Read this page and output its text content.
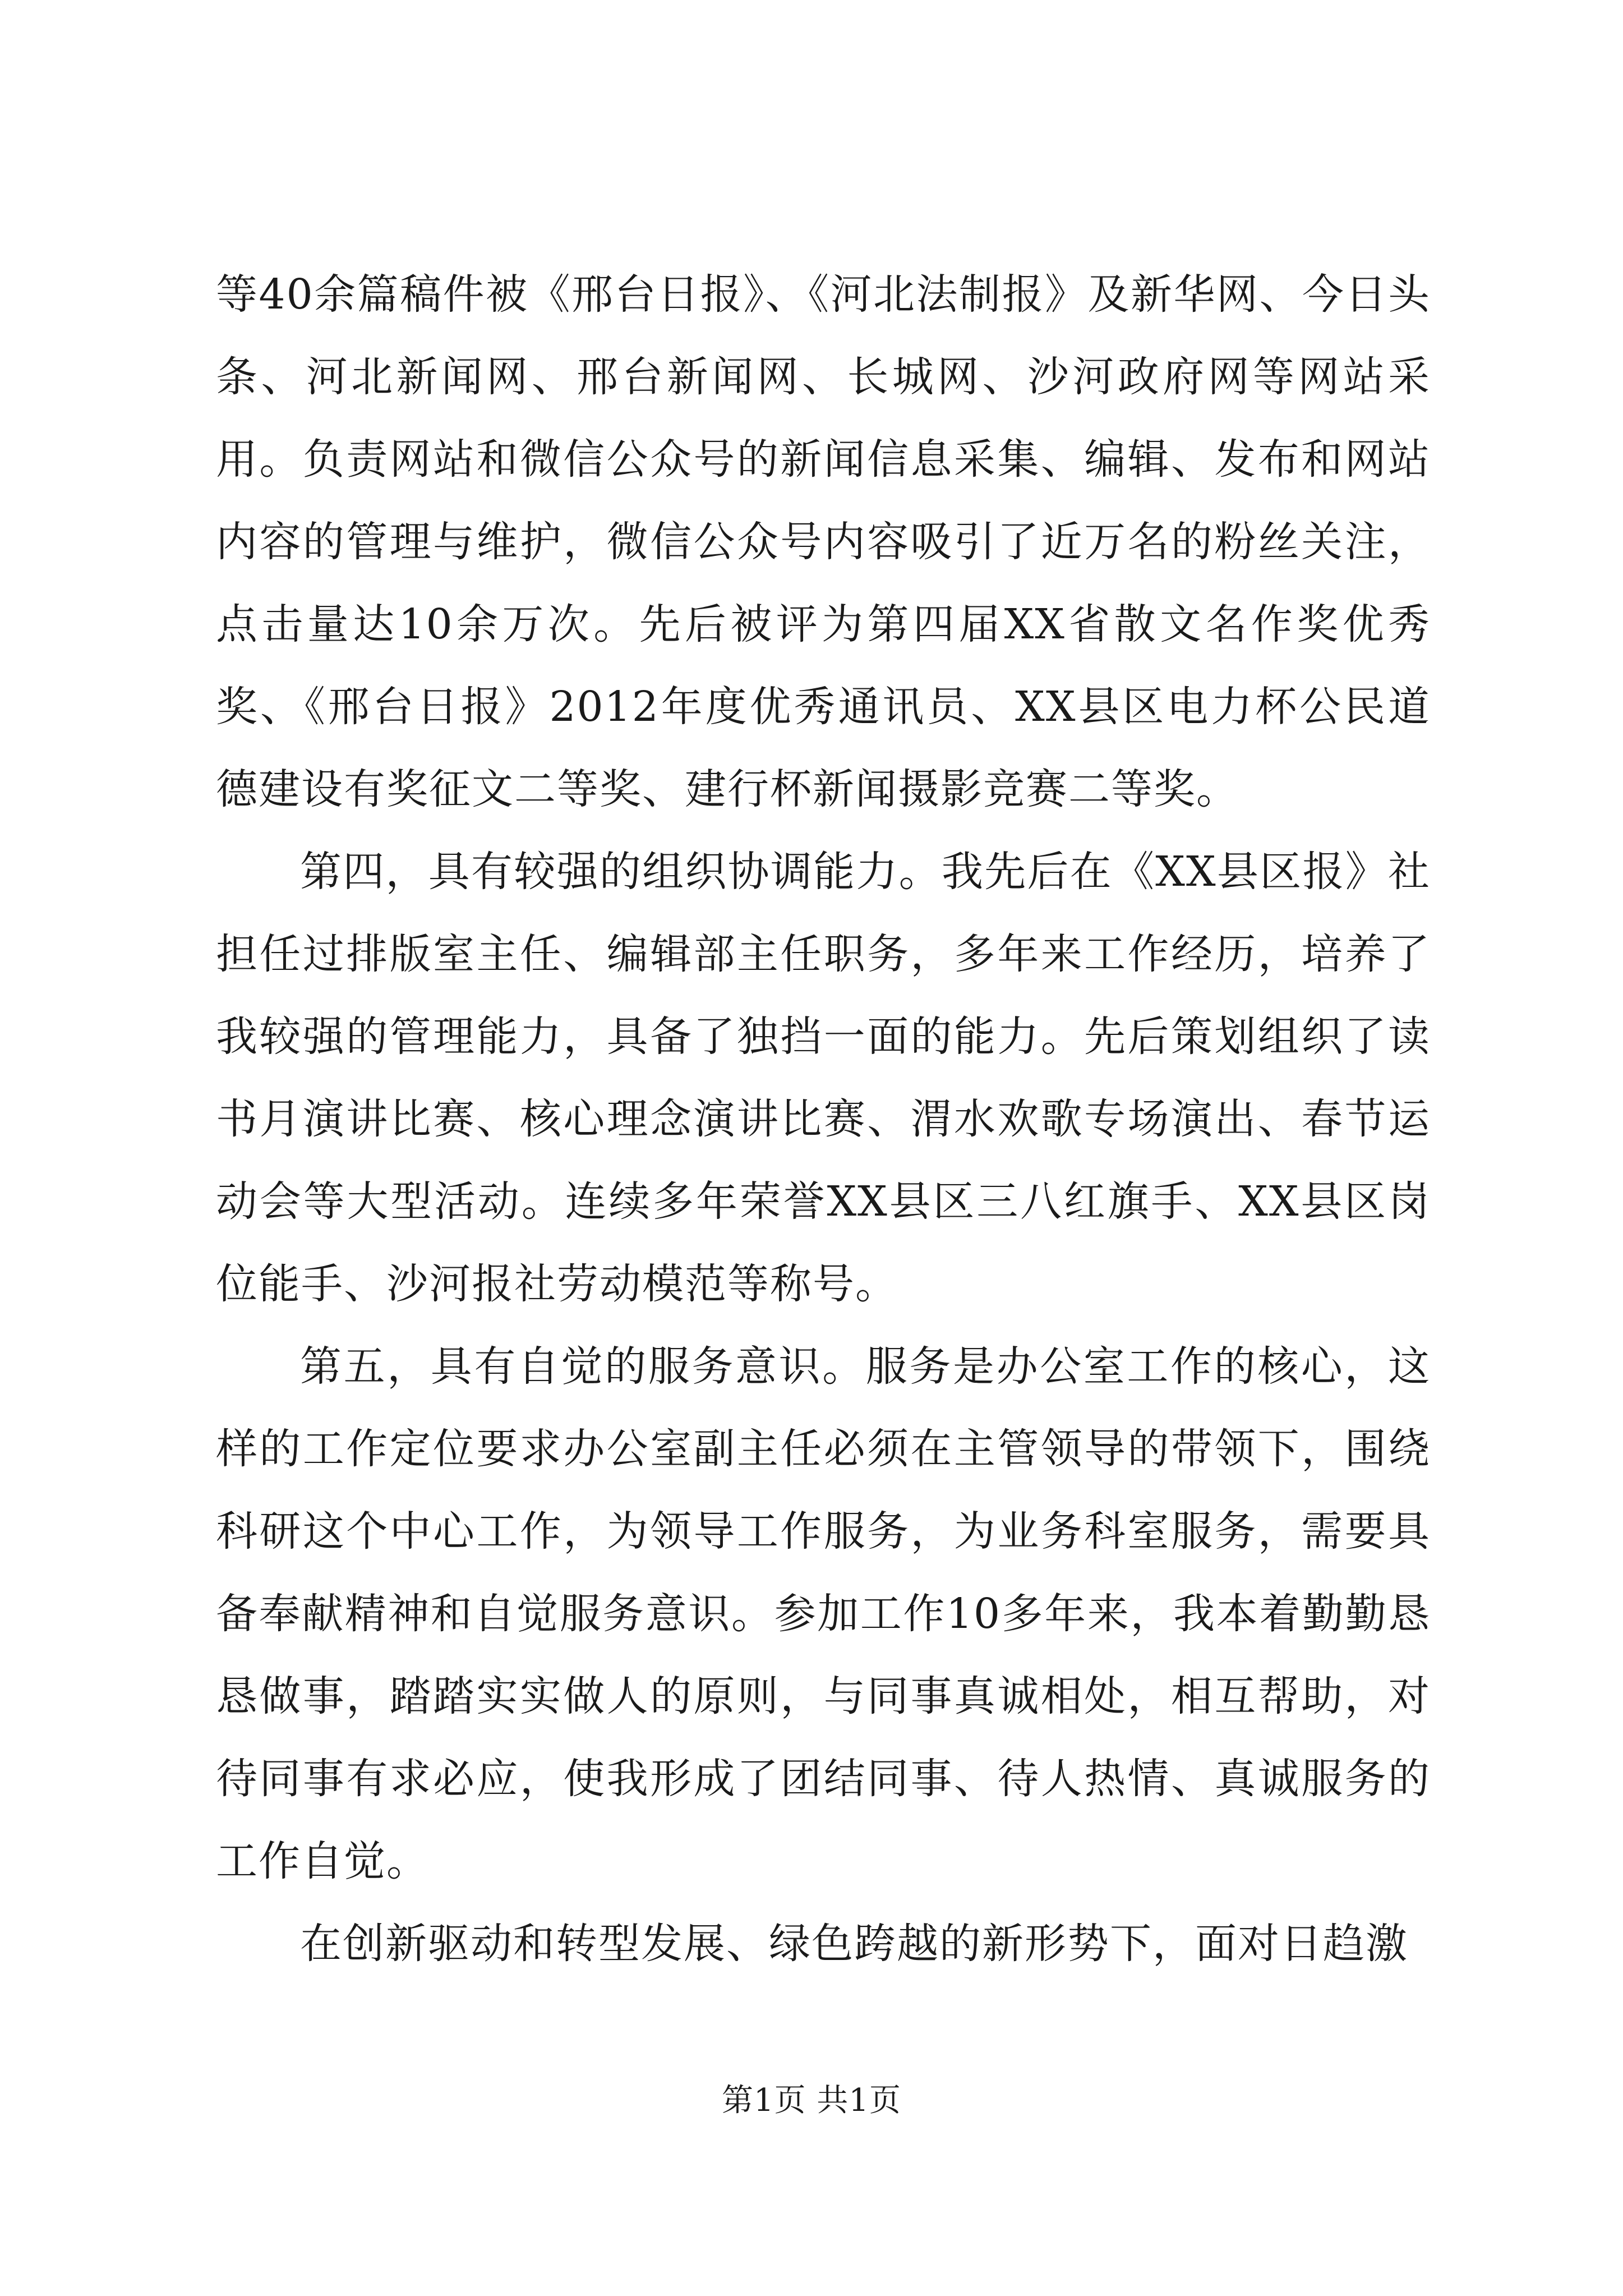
等40余篇稿件被《邢台日报》、《河北法制报》及新华网、今日头条、河北新闻网、邢台新闻网、长城网、沙河政府网等网站采用。负责网站和微信公众号的新闻信息采集、编辑、发布和网站内容的管理与维护，微信公众号内容吸引了近万名的粉丝关注，点击量达10余万次。先后被评为第四届XX省散文名作奖优秀奖、《邢台日报》2012年度优秀通讯员、XX县区电力杯公民道德建设有奖征文二等奖、建行杯新闻摄影竞赛二等奖。

第四，具有较强的组织协调能力。我先后在《XX县区报》社担任过排版室主任、编辑部主任职务，多年来工作经历，培养了我较强的管理能力，具备了独挡一面的能力。先后策划组织了读书月演讲比赛、核心理念演讲比赛、渭水欢歌专场演出、春节运动会等大型活动。连续多年荣誉XX县区三八红旗手、XX县区岗位能手、沙河报社劳动模范等称号。

第五，具有自觉的服务意识。服务是办公室工作的核心，这样的工作定位要求办公室副主任必须在主管领导的带领下，围绕科研这个中心工作，为领导工作服务，为业务科室服务，需要具备奉献精神和自觉服务意识。参加工作10多年来，我本着勤勤恳恳做事，踏踏实实做人的原则，与同事真诚相处，相互帮助，对待同事有求必应，使我形成了团结同事、待人热情、真诚服务的工作自觉。

在创新驱动和转型发展、绿色跨越的新形势下，面对日趋激

第1页 共1页
